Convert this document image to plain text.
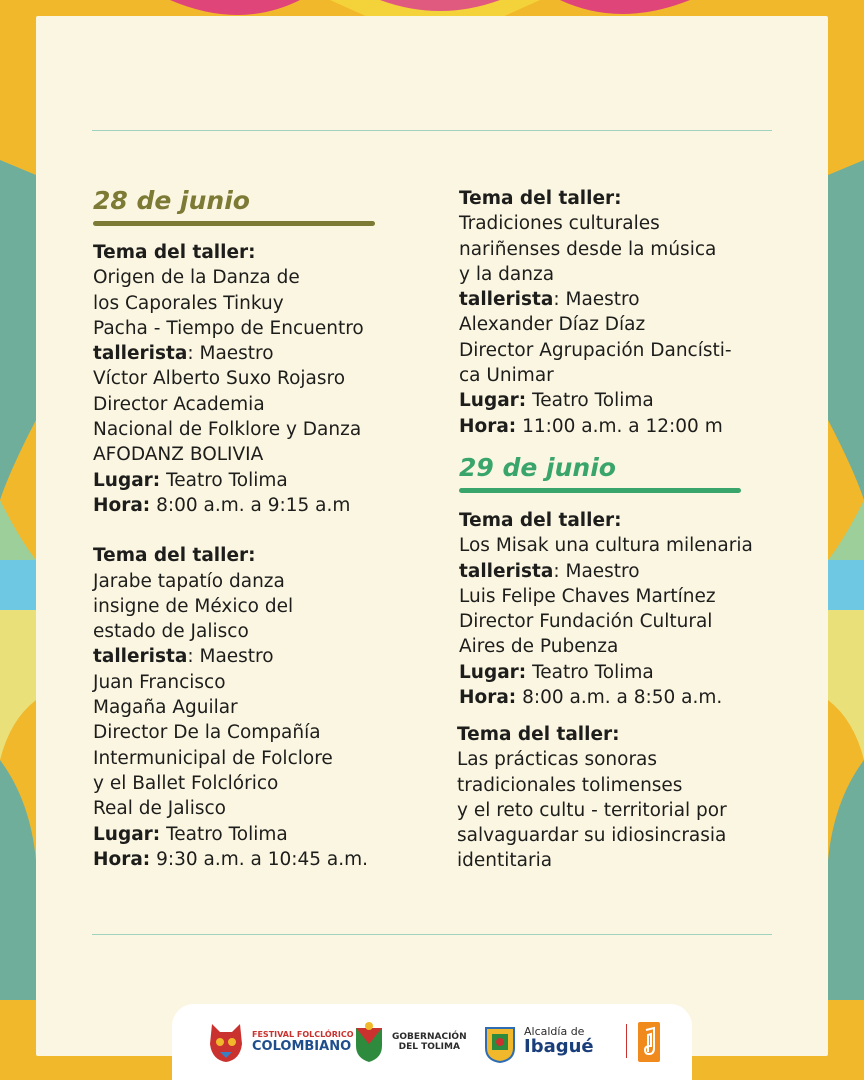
28 de junio
Tema del taller:
Origen de la Danza de
los Caporales Tinkuy
Pacha - Tiempo de Encuentro
tallerista: Maestro
Víctor Alberto Suxo Rojasro
Director Academia
Nacional de Folklore y Danza
AFODANZ BOLIVIA
Lugar: Teatro Tolima
Hora: 8:00 a.m. a 9:15 a.m
Tema del taller:
Jarabe tapatío danza
insigne de México del
estado de Jalisco
tallerista: Maestro
Juan Francisco
Magaña Aguilar
Director De la Compañía
Intermunicipal de Folclore
y el Ballet Folclórico
Real de Jalisco
Lugar: Teatro Tolima
Hora: 9:30 a.m. a 10:45 a.m.
Tema del taller:
Tradiciones culturales
nariñenses desde la música
y la danza
tallerista: Maestro
Alexander Díaz Díaz
Director Agrupación Dancísti-
ca Unimar
Lugar: Teatro Tolima
Hora: 11:00 a.m. a 12:00 m
29 de junio
Tema del taller:
Los Misak una cultura milenaria
tallerista: Maestro
Luis Felipe Chaves Martínez
Director Fundación Cultural
Aires de Pubenza
Lugar: Teatro Tolima
Hora: 8:00 a.m. a 8:50 a.m.
Tema del taller:
Las prácticas sonoras
tradicionales tolimenses
y el reto cultu - territorial por
salvaguardar su idiosincrasia
identitaria
FESTIVAL FOLCLÓRICO
COLOMBIANO
GOBERNACIÓN
DEL TOLIMA
Alcaldía de
Ibagué
